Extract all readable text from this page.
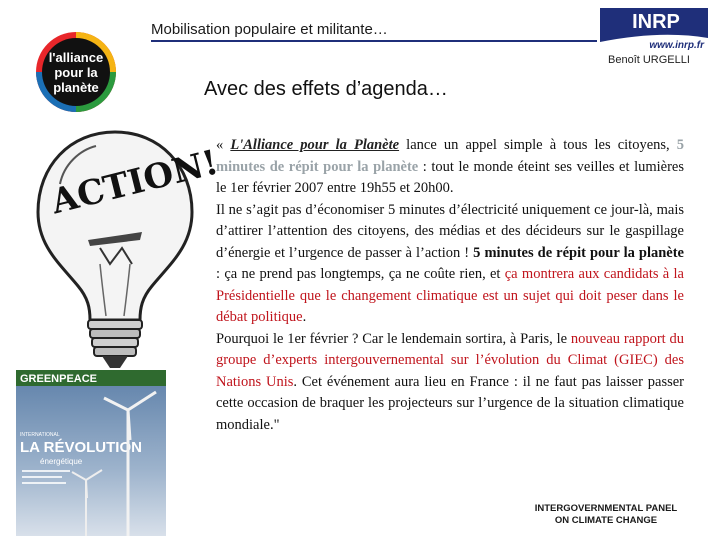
Mobilisation populaire et militante…	INRP
www.inrp.fr
Benoît URGELLI
l'alliance
pour la
planète	Avec des effets d’agenda…
ACTION!
GREENPEACE
INTERNATIONAL
LA RÉVOLUTION
énergétique
« L'Alliance pour la Planète lance un appel simple à tous les citoyens, 5 minutes de répit pour la planète : tout le monde éteint ses veilles et lumières le 1er février 2007 entre 19h55 et 20h00.
Il ne s’agit pas d’économiser 5 minutes d’électricité uniquement ce jour-là, mais d’attirer l’attention des citoyens, des médias et des décideurs sur le gaspillage d’énergie et l’urgence de passer à l’action ! 5 minutes de répit pour la planète : ça ne prend pas longtemps, ça ne coûte rien, et ça montrera aux candidats à la Présidentielle que le changement climatique est un sujet qui doit peser dans le débat politique.
Pourquoi le 1er février ? Car le lendemain sortira, à Paris, le nouveau rapport du groupe d’experts intergouvernemental sur l’évolution du Climat (GIEC) des Nations Unis. Cet événement aura lieu en France : il ne faut pas laisser passer cette occasion de braquer les projecteurs sur l’urgence de la situation climatique mondiale."
INTERGOVERNMENTAL PANEL
ON CLIMATE CHANGE
